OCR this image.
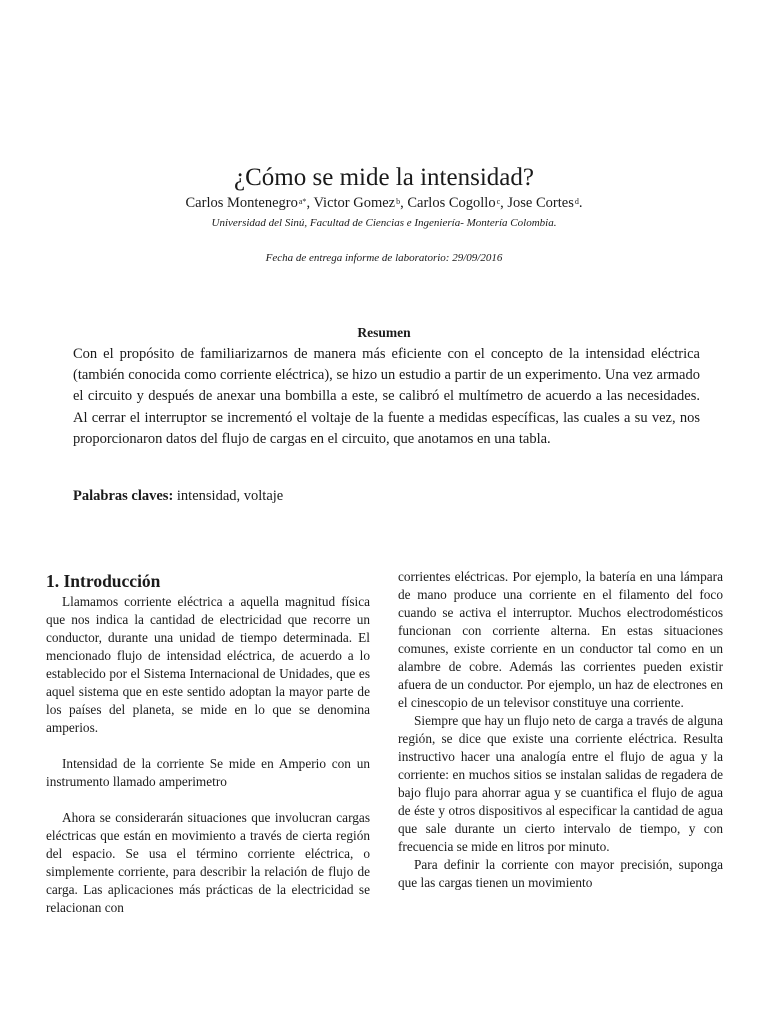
¿Cómo se mide la intensidad?
Carlos Montenegro$^{a*}$, Victor Gomez$^b$, Carlos Cogollo$^c$, Jose Cortes$^d$.
Universidad del Sinú, Facultad de Ciencias e Ingeniería- Montería Colombia.
Fecha de entrega informe de laboratorio: 29/09/2016
Resumen
Con el propósito de familiarizarnos de manera más eficiente con el concepto de la intensidad eléctrica (también conocida como corriente eléctrica), se hizo un estudio a partir de un experimento. Una vez armado el circuito y después de anexar una bombilla a este, se calibró el multímetro de acuerdo a las necesidades. Al cerrar el interruptor se incrementó el voltaje de la fuente a medidas específicas, las cuales a su vez, nos proporcionaron datos del flujo de cargas en el circuito, que anotamos en una tabla.
Palabras claves: intensidad, voltaje
1. Introducción

Llamamos corriente eléctrica a aquella magnitud física que nos indica la cantidad de electricidad que recorre un conductor, durante una unidad de tiempo determinada. El mencionado flujo de intensidad eléctrica, de acuerdo a lo establecido por el Sistema Internacional de Unidades, que es aquel sistema que en este sentido adoptan la mayor parte de los países del planeta, se mide en lo que se denomina amperios.

Intensidad de la corriente Se mide en Amperio con un instrumento llamado amperimetro

Ahora se considerarán situaciones que involucran cargas eléctricas que están en movimiento a través de cierta región del espacio. Se usa el término corriente eléctrica, o simplemente corriente, para describir la relación de flujo de carga. Las aplicaciones más prácticas de la electricidad se relacionan con

corrientes eléctricas. Por ejemplo, la batería en una lámpara de mano produce una corriente en el filamento del foco cuando se activa el interruptor. Muchos electrodomésticos funcionan con corriente alterna. En estas situaciones comunes, existe corriente en un conductor tal como en un alambre de cobre. Además las corrientes pueden existir afuera de un conductor. Por ejemplo, un haz de electrones en el cinescopio de un televisor constituye una corriente.

Siempre que hay un flujo neto de carga a través de alguna región, se dice que existe una corriente eléctrica. Resulta instructivo hacer una analogía entre el flujo de agua y la corriente: en muchos sitios se instalan salidas de regadera de bajo flujo para ahorrar agua y se cuantifica el flujo de agua de éste y otros dispositivos al especificar la cantidad de agua que sale durante un cierto intervalo de tiempo, y con frecuencia se mide en litros por minuto.

Para definir la corriente con mayor precisión, suponga que las cargas tienen un movimiento
